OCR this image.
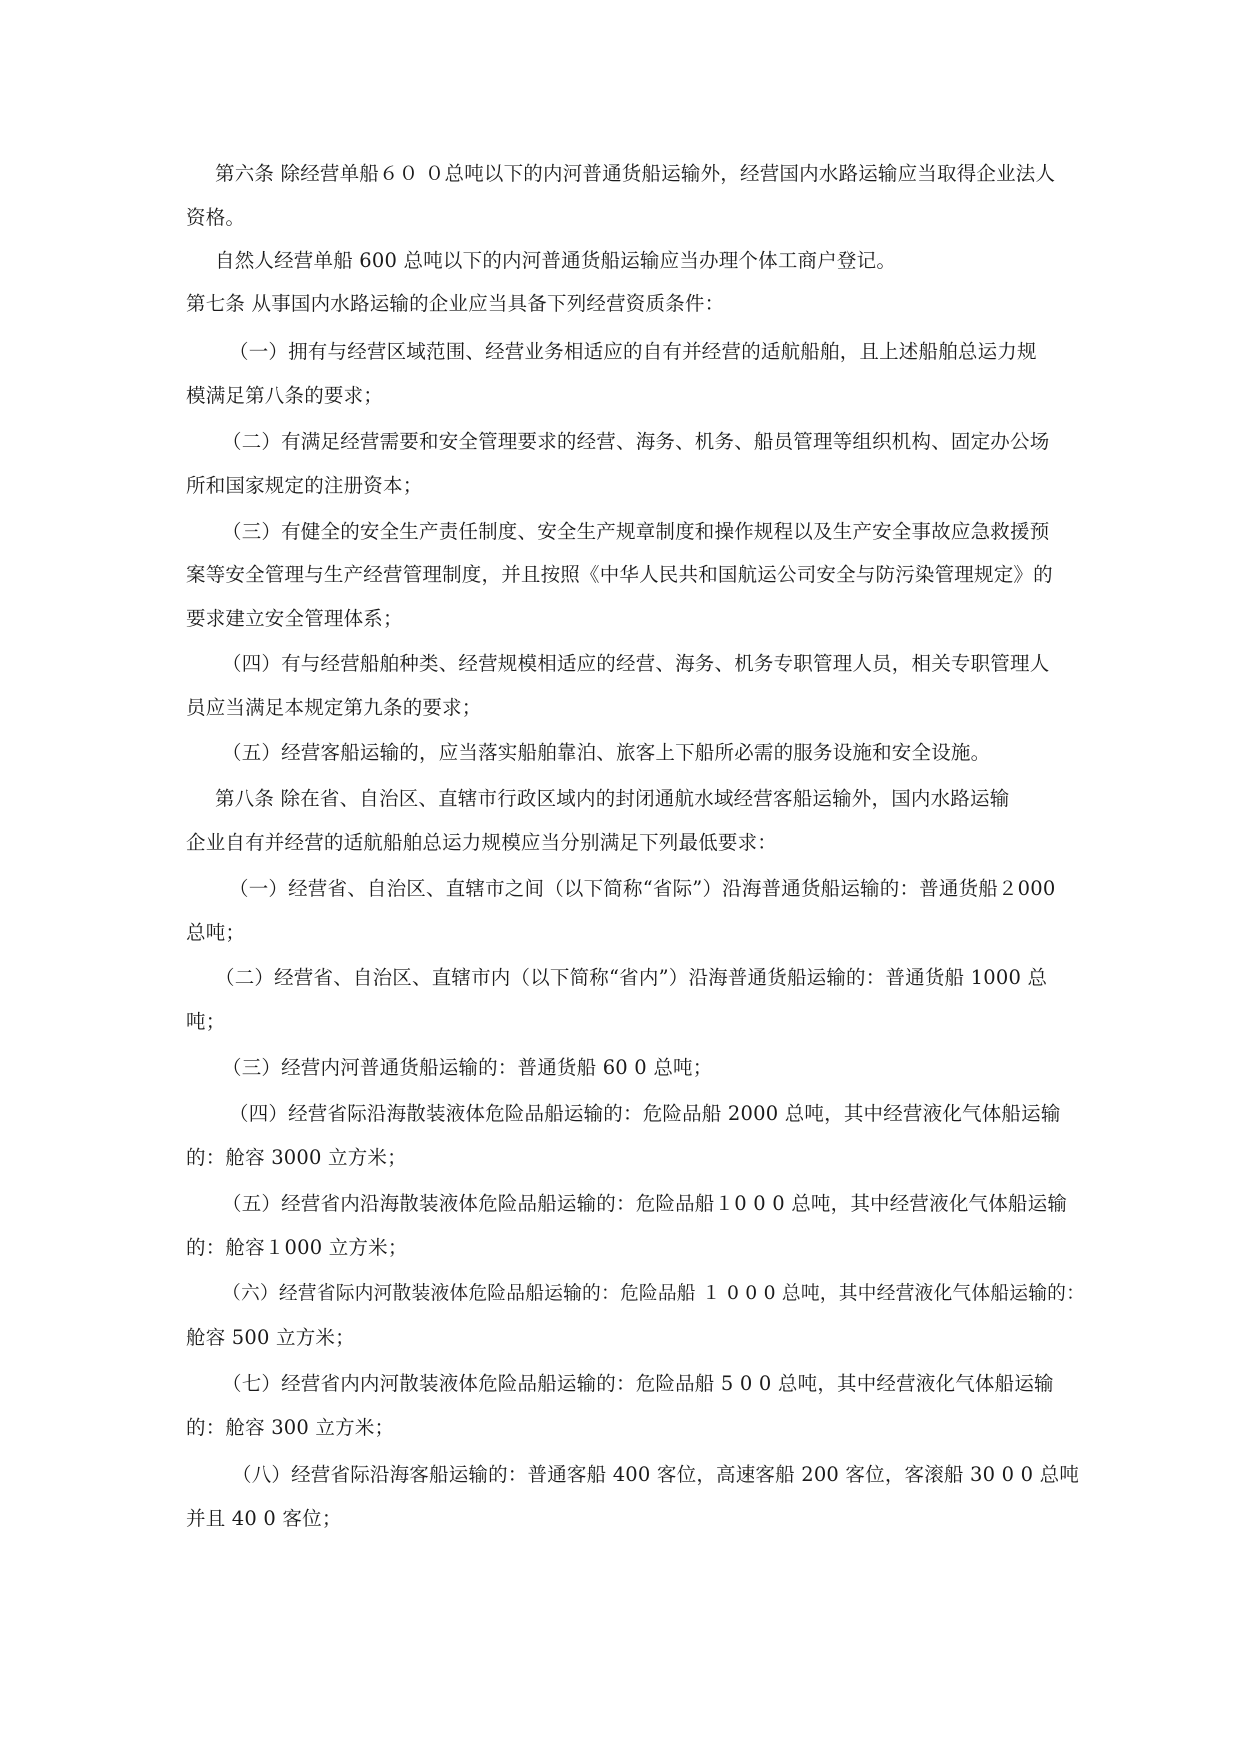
第六条 除经营单船６０ ０总吨以下的内河普通货船运输外，经营国内水路运输应当取得企业法人
资格。
自然人经营单船 600 总吨以下的内河普通货船运输应当办理个体工商户登记。
第七条 从事国内水路运输的企业应当具备下列经营资质条件：
（一）拥有与经营区域范围、经营业务相适应的自有并经营的适航船舶，且上述船舶总运力规
模满足第八条的要求；
（二）有满足经营需要和安全管理要求的经营、海务、机务、船员管理等组织机构、固定办公场
所和国家规定的注册资本；
（三）有健全的安全生产责任制度、安全生产规章制度和操作规程以及生产安全事故应急救援预
案等安全管理与生产经营管理制度，并且按照《中华人民共和国航运公司安全与防污染管理规定》的
要求建立安全管理体系；
（四）有与经营船舶种类、经营规模相适应的经营、海务、机务专职管理人员，相关专职管理人
员应当满足本规定第九条的要求；
（五）经营客船运输的，应当落实船舶靠泊、旅客上下船所必需的服务设施和安全设施。
第八条 除在省、自治区、直辖市行政区域内的封闭通航水域经营客船运输外，国内水路运输
企业自有并经营的适航船舶总运力规模应当分别满足下列最低要求：
（一）经营省、自治区、直辖市之间（以下简称“省际”）沿海普通货船运输的：普通货船２000
总吨；
（二）经营省、自治区、直辖市内（以下简称“省内”）沿海普通货船运输的：普通货船 1000 总
吨；
（三）经营内河普通货船运输的：普通货船 60 0 总吨；
（四）经营省际沿海散装液体危险品船运输的：危险品船 2000 总吨，其中经营液化气体船运输
的：舱容 3000 立方米；
（五）经营省内沿海散装液体危险品船运输的：危险品船１0 0 0 总吨，其中经营液化气体船运输
的：舱容１000 立方米；
（六）经营省际内河散装液体危险品船运输的：危险品船 １ 0 0 0 总吨，其中经营液化气体船运输的：
舱容 500 立方米；
（七）经营省内内河散装液体危险品船运输的：危险品船 5 0 0 总吨，其中经营液化气体船运输
的：舱容 300 立方米；
（八）经营省际沿海客船运输的：普通客船 400 客位，高速客船 200 客位，客滚船 30 0 0 总吨
并且 40 0 客位；
